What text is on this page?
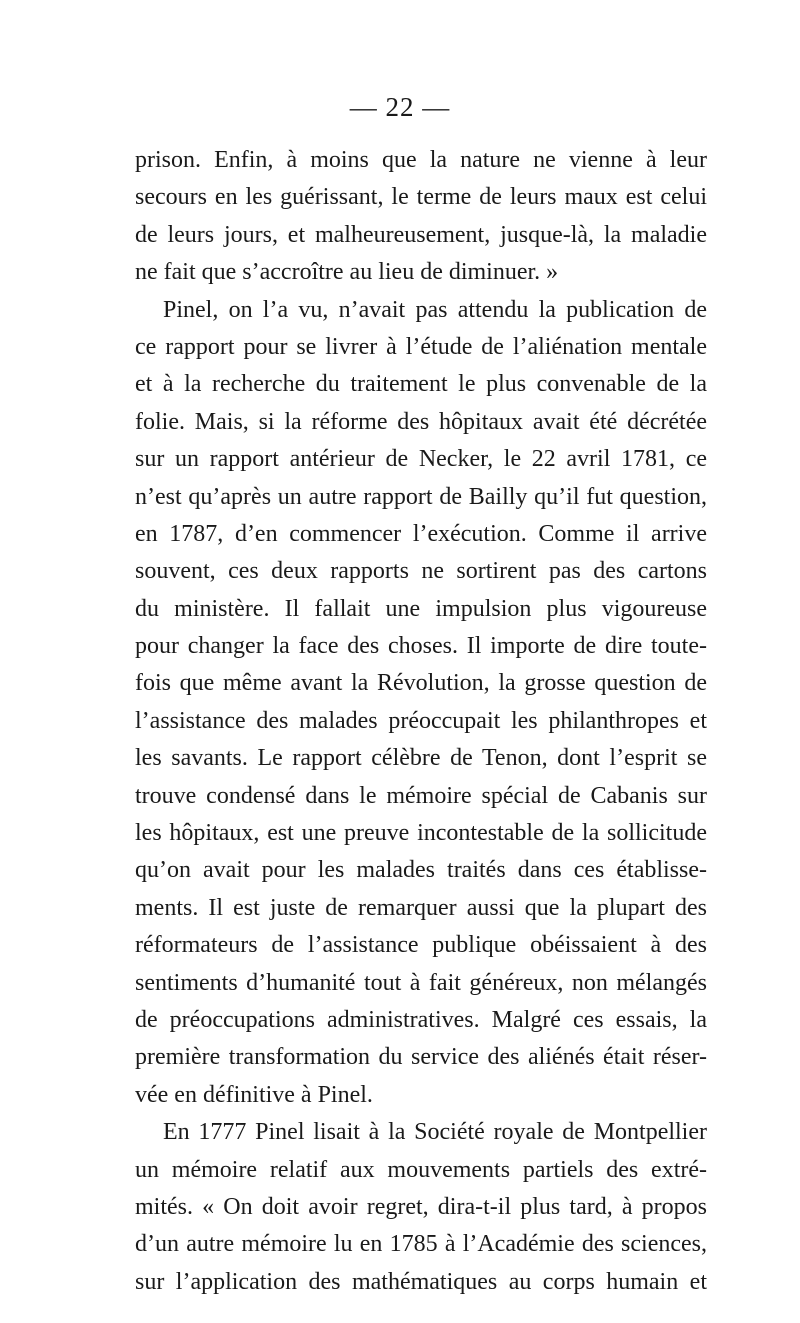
— 22 —
prison. Enfin, à moins que la nature ne vienne à leur
secours en les guérissant, le terme de leurs maux est celui
de leurs jours, et malheureusement, jusque-là, la maladie
ne fait que s’accroître au lieu de diminuer. »
Pinel, on l’a vu, n’avait pas attendu la publication de
ce rapport pour se livrer à l’étude de l’aliénation mentale
et à la recherche du traitement le plus convenable de la
folie. Mais, si la réforme des hôpitaux avait été décrétée
sur un rapport antérieur de Necker, le 22 avril 1781, ce
n’est qu’après un autre rapport de Bailly qu’il fut question,
en 1787, d’en commencer l’exécution. Comme il arrive
souvent, ces deux rapports ne sortirent pas des cartons
du ministère. Il fallait une impulsion plus vigoureuse
pour changer la face des choses. Il importe de dire toute-
fois que même avant la Révolution, la grosse question de
l’assistance des malades préoccupait les philanthropes et
les savants. Le rapport célèbre de Tenon, dont l’esprit se
trouve condensé dans le mémoire spécial de Cabanis sur
les hôpitaux, est une preuve incontestable de la sollicitude
qu’on avait pour les malades traités dans ces établisse-
ments. Il est juste de remarquer aussi que la plupart des
réformateurs de l’assistance publique obéissaient à des
sentiments d’humanité tout à fait généreux, non mélangés
de préoccupations administratives. Malgré ces essais, la
première transformation du service des aliénés était réser-
vée en définitive à Pinel.
En 1777 Pinel lisait à la Société royale de Montpellier
un mémoire relatif aux mouvements partiels des extré-
mités. « On doit avoir regret, dira-t-il plus tard, à propos
d’un autre mémoire lu en 1785 à l’Académie des sciences,
sur l’application des mathématiques au corps humain et
